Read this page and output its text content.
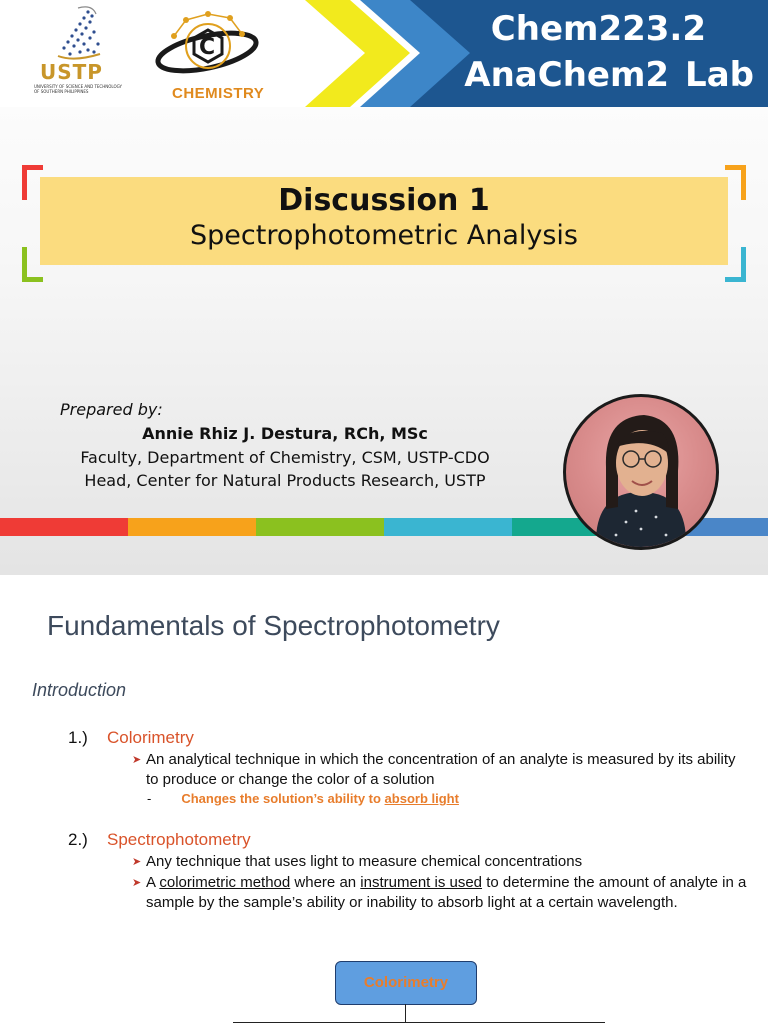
USTP
UNIVERSITY OF SCIENCE AND TECHNOLOGY OF SOUTHERN PHILIPPINES
C
CHEMISTRY
Chem223.2
AnaChem2 Lab
Discussion 1
Spectrophotometric Analysis
Prepared by:
Annie Rhiz J. Destura, RCh, MSc
Faculty, Department of Chemistry, CSM, USTP-CDO
Head, Center for Natural Products Research, USTP
Fundamentals of Spectrophotometry
Introduction
1.) Colorimetry
➤ An analytical technique in which the concentration of an analyte is measured by its ability to produce or change the color of a solution
- Changes the solution’s ability to absorb light
2.) Spectrophotometry
➤ Any technique that uses light to measure chemical concentrations
➤ A colorimetric method where an instrument is used to determine the amount of analyte in a sample by the sample’s ability or inability to absorb light at a certain wavelength.
Colorimetry
